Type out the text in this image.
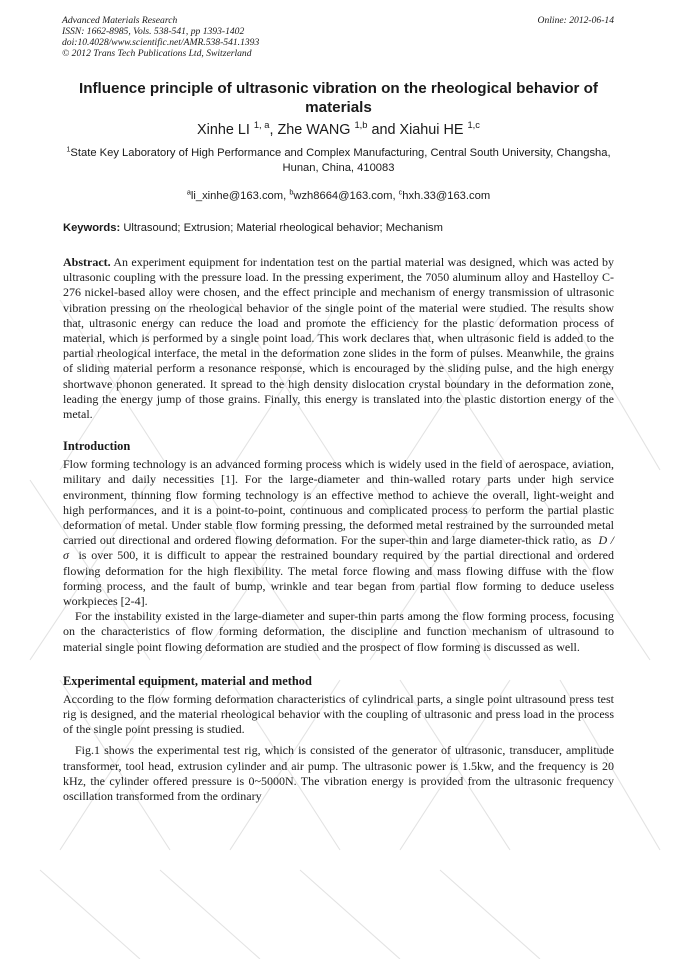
Advanced Materials Research
ISSN: 1662-8985, Vols. 538-541, pp 1393-1402
doi:10.4028/www.scientific.net/AMR.538-541.1393
© 2012 Trans Tech Publications Ltd, Switzerland
Online: 2012-06-14
Influence principle of ultrasonic vibration on the rheological behavior of materials

Xinhe LI $^{1, a}$, Zhe WANG $^{1,b}$ and Xiahui HE $^{1,c}$

$^1$State Key Laboratory of High Performance and Complex Manufacturing, Central South University, Changsha, Hunan, China, 410083

$^a$li_xinhe@163.com, $^b$wzh8664@163.com, $^c$hxh.33@163.com

Keywords: Ultrasound; Extrusion; Material rheological behavior; Mechanism

Abstract. An experiment equipment for indentation test on the partial material was designed, which was acted by ultrasonic coupling with the pressure load. In the pressing experiment, the 7050 aluminum alloy and Hastelloy C-276 nickel-based alloy were chosen, and the effect principle and mechanism of energy transmission of ultrasonic vibration pressing on the rheological behavior of the single point of the material were studied. The results show that, ultrasonic energy can reduce the load and promote the efficiency for the plastic deformation process of material, which is performed by a single point load. This work declares that, when ultrasonic field is added to the partial rheological interface, the metal in the deformation zone slides in the form of pulses. Meanwhile, the grains of sliding material perform a resonance response, which is encouraged by the sliding pulse, and the high energy shortwave phonon generated. It spread to the high density dislocation crystal boundary in the deformation zone, leading the energy jump of those grains. Finally, this energy is translated into the plastic distortion energy of the metal.

Introduction

Flow forming technology is an advanced forming process which is widely used in the field of aerospace, aviation, military and daily necessities [1]. For the large-diameter and thin-walled rotary parts under high service environment, thinning flow forming technology is an effective method to achieve the overall, light-weight and high performances, and it is a point-to-point, continuous and complicated process to perform the partial plastic deformation of metal. Under stable flow forming pressing, the deformed metal restrained by the surrounded metal carried out directional and ordered flowing deformation. For the super-thin and large diameter-thick ratio, as D / σ is over 500, it is difficult to appear the restrained boundary required by the partial directional and ordered flowing deformation for the high flexibility. The metal force flowing and mass flowing diffuse with the flow forming process, and the fault of bump, wrinkle and tear began from partial flow forming to deduce useless workpieces [2-4].

For the instability existed in the large-diameter and super-thin parts among the flow forming process, focusing on the characteristics of flow forming deformation, the discipline and function mechanism of ultrasound to material single point flowing deformation are studied and the prospect of flow forming is discussed as well.

Experimental equipment, material and method

According to the flow forming deformation characteristics of cylindrical parts, a single point ultrasound press test rig is designed, and the material rheological behavior with the coupling of ultrasonic and press load in the process of the single point pressing is studied.

Fig.1 shows the experimental test rig, which is consisted of the generator of ultrasonic, transducer, amplitude transformer, tool head, extrusion cylinder and air pump. The ultrasonic power is 1.5kw, and the frequency is 20 kHz, the cylinder offered pressure is 0~5000N. The vibration energy is provided from the ultrasonic frequency oscillation transformed from the ordinary
